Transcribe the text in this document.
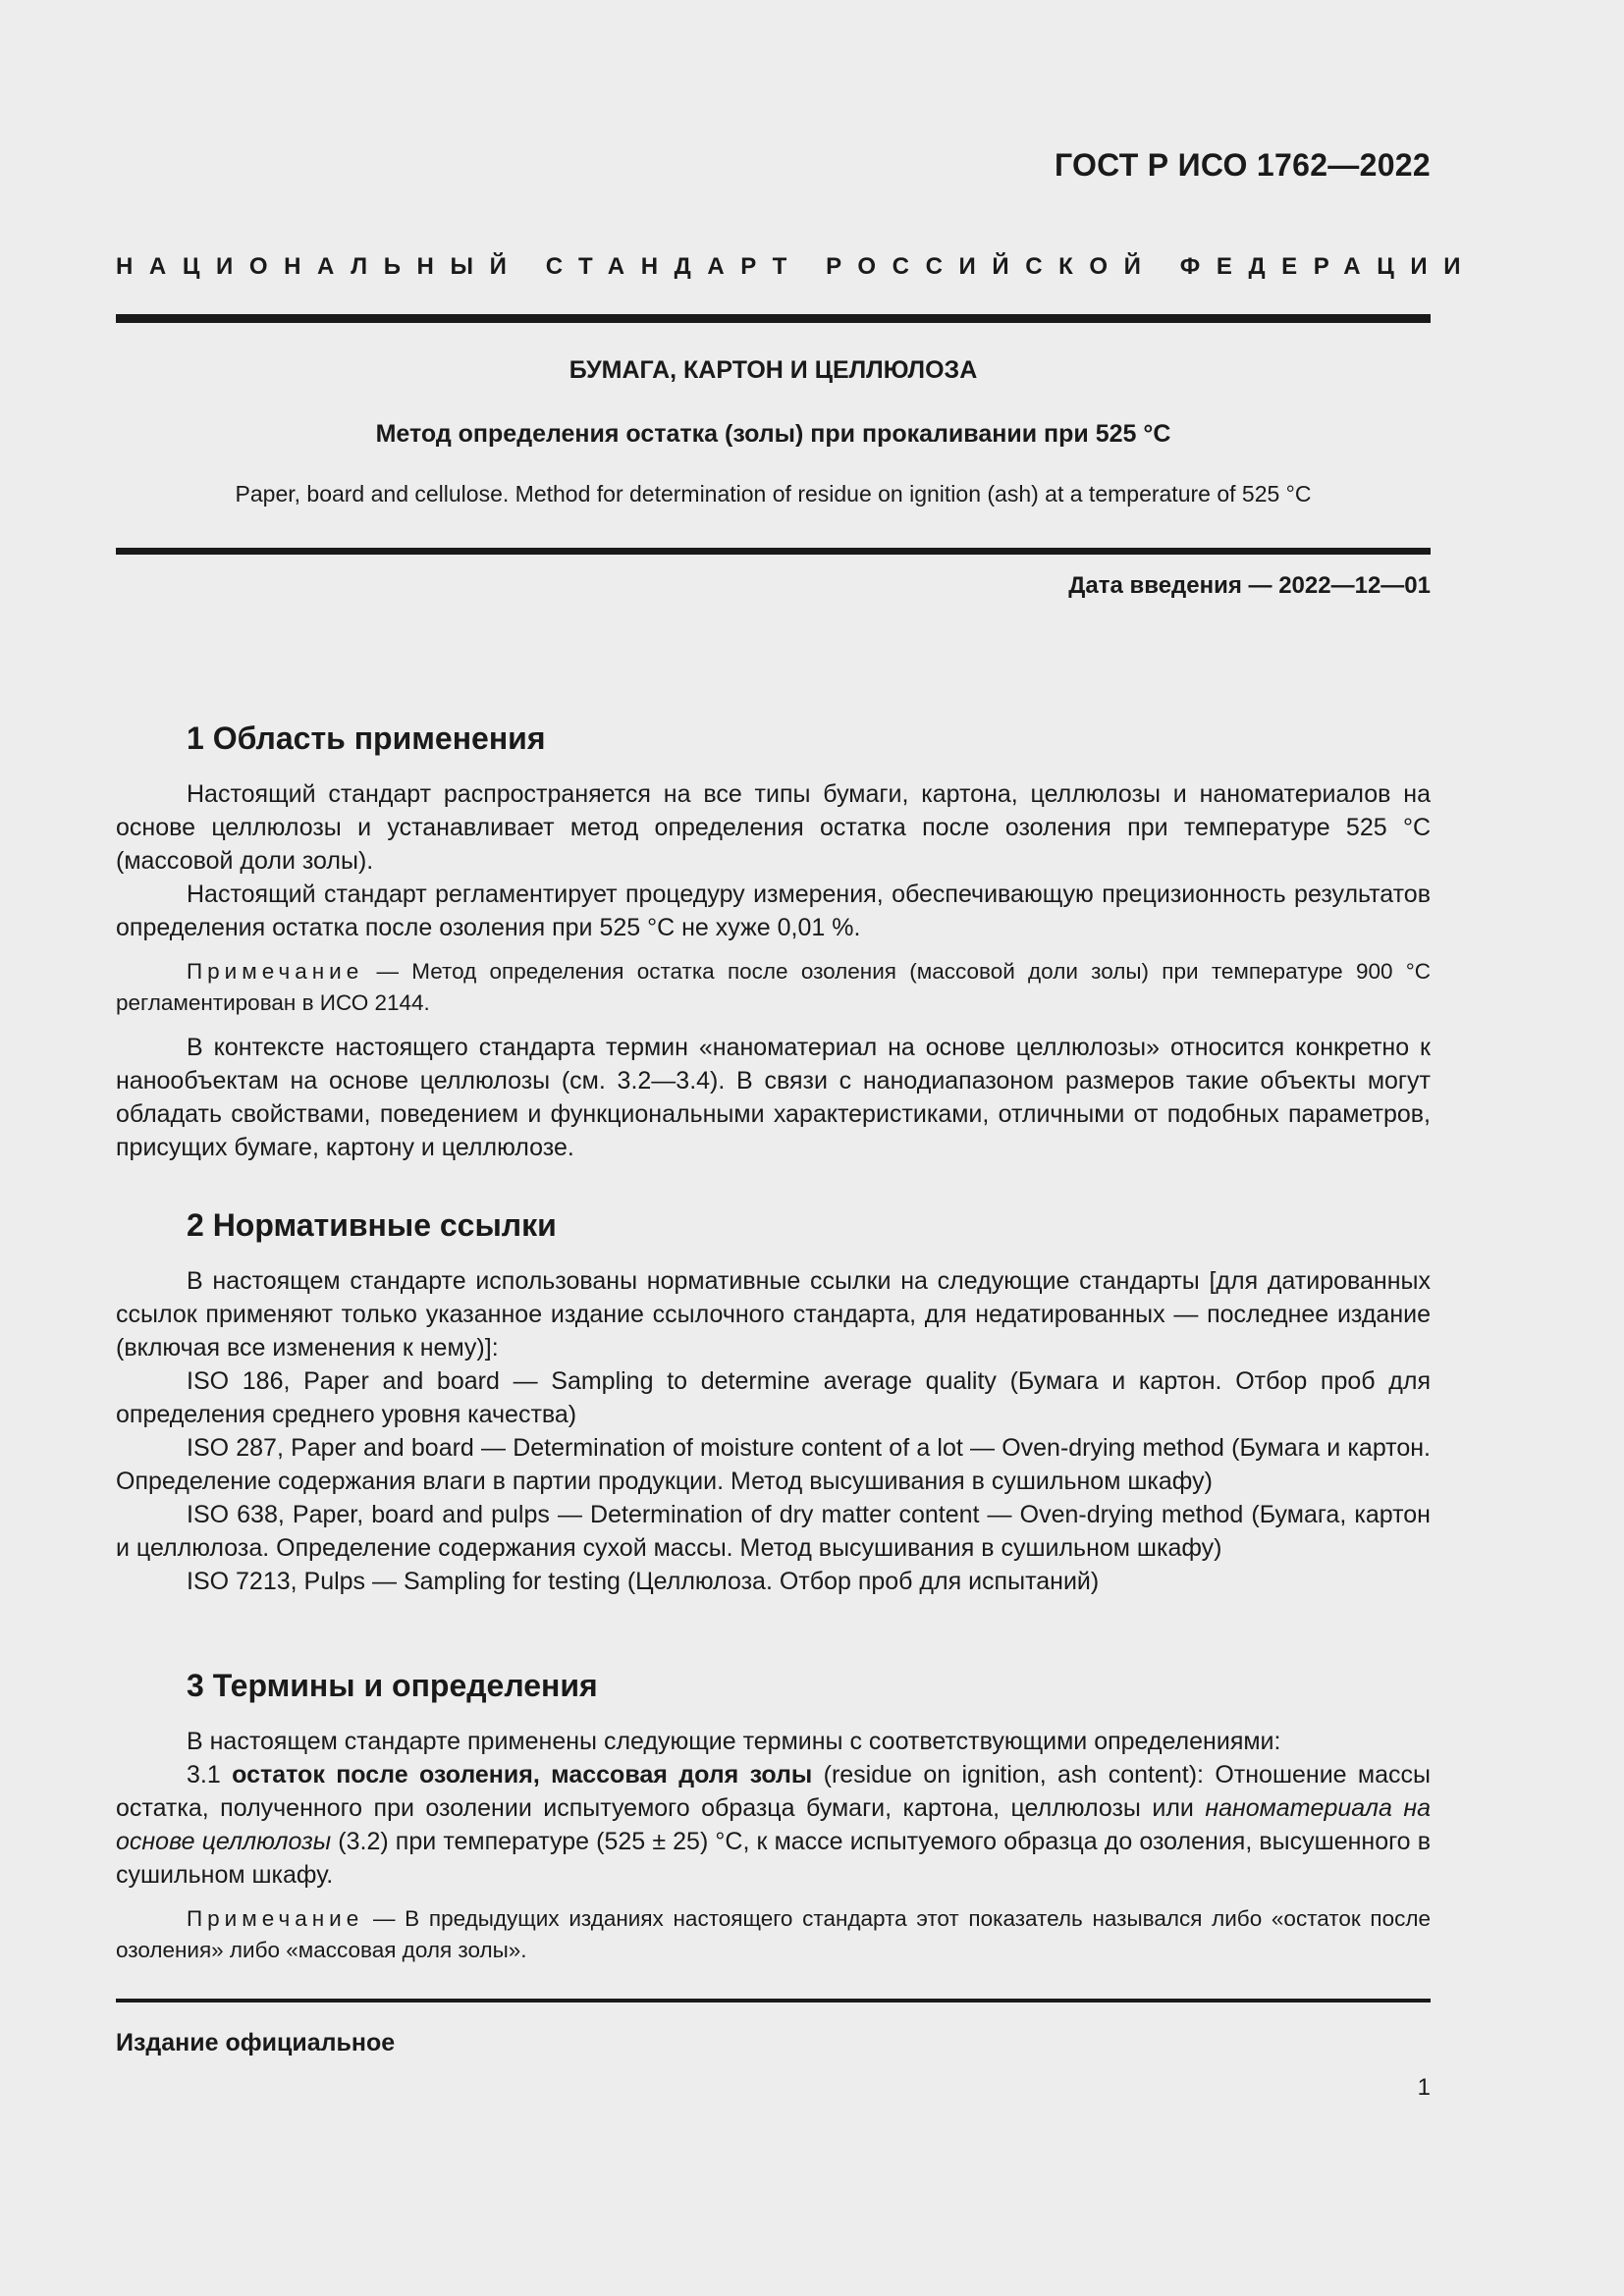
ГОСТ Р ИСО 1762—2022
НАЦИОНАЛЬНЫЙ СТАНДАРТ РОССИЙСКОЙ ФЕДЕРАЦИИ
БУМАГА, КАРТОН И ЦЕЛЛЮЛОЗА
Метод определения остатка (золы) при прокаливании при 525 °С
Paper, board and cellulose. Method for determination of residue on ignition (ash) at a temperature of 525 °С
Дата введения — 2022—12—01
1 Область применения

Настоящий стандарт распространяется на все типы бумаги, картона, целлюлозы и наноматериалов на основе целлюлозы и устанавливает метод определения остатка после озоления при температуре 525 °С (массовой доли золы).

Настоящий стандарт регламентирует процедуру измерения, обеспечивающую прецизионность результатов определения остатка после озоления при 525 °С не хуже 0,01 %.

Примечание — Метод определения остатка после озоления (массовой доли золы) при температуре 900 °С регламентирован в ИСО 2144.

В контексте настоящего стандарта термин «наноматериал на основе целлюлозы» относится конкретно к нанообъектам на основе целлюлозы (см. 3.2—3.4). В связи с нанодиапазоном размеров такие объекты могут обладать свойствами, поведением и функциональными характеристиками, отличными от подобных параметров, присущих бумаге, картону и целлюлозе.

2 Нормативные ссылки

В настоящем стандарте использованы нормативные ссылки на следующие стандарты [для датированных ссылок применяют только указанное издание ссылочного стандарта, для недатированных — последнее издание (включая все изменения к нему)]:

ISO 186, Paper and board — Sampling to determine average quality (Бумага и картон. Отбор проб для определения среднего уровня качества)

ISO 287, Paper and board — Determination of moisture content of a lot — Oven-drying method (Бумага и картон. Определение содержания влаги в партии продукции. Метод высушивания в сушильном шкафу)

ISO 638, Paper, board and pulps — Determination of dry matter content — Oven-drying method (Бумага, картон и целлюлоза. Определение содержания сухой массы. Метод высушивания в сушильном шкафу)

ISO 7213, Pulps — Sampling for testing (Целлюлоза. Отбор проб для испытаний)

3 Термины и определения

В настоящем стандарте применены следующие термины с соответствующими определениями:

3.1 остаток после озоления, массовая доля золы (residue on ignition, ash content): Отношение массы остатка, полученного при озолении испытуемого образца бумаги, картона, целлюлозы или наноматериала на основе целлюлозы (3.2) при температуре (525 ± 25) °С, к массе испытуемого образца до озоления, высушенного в сушильном шкафу.

Примечание — В предыдущих изданиях настоящего стандарта этот показатель назывался либо «остаток после озоления» либо «массовая доля золы».

Издание официальное
1
